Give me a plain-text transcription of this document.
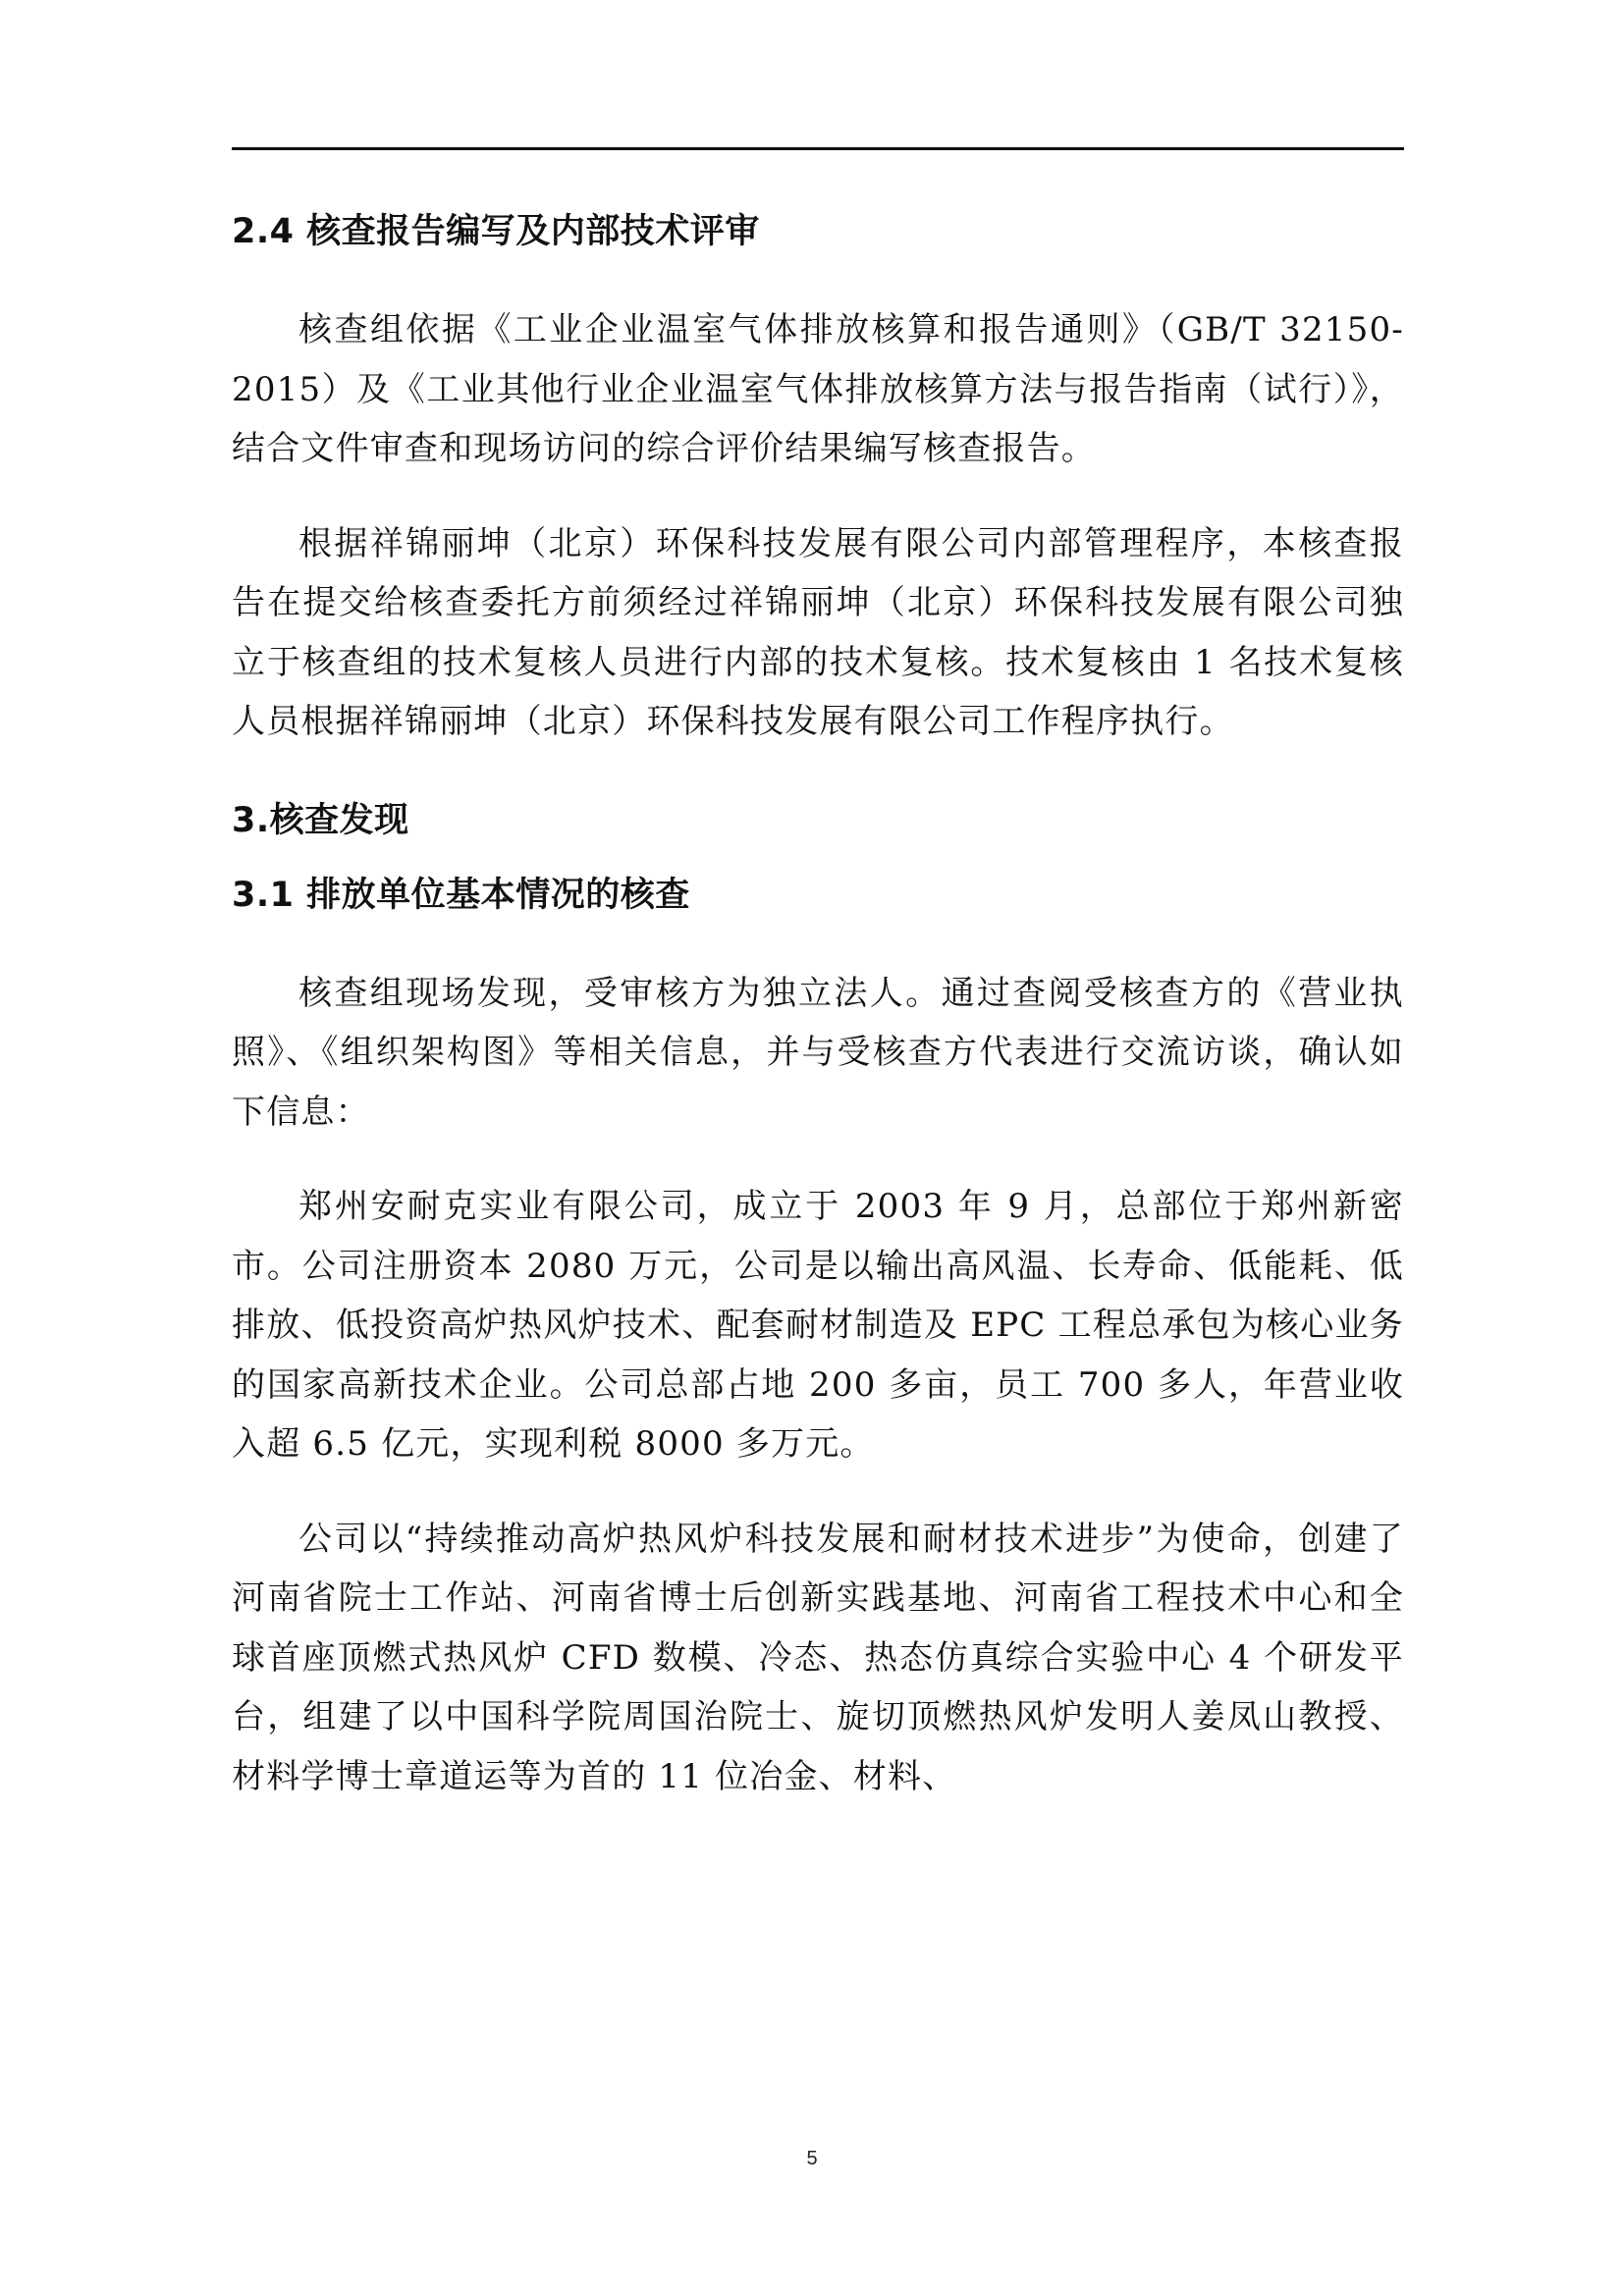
2.4 核查报告编写及内部技术评审

核查组依据《工业企业温室气体排放核算和报告通则》（GB/T 32150-2015）及《工业其他行业企业温室气体排放核算方法与报告指南（试行）》，结合文件审查和现场访问的综合评价结果编写核查报告。

根据祥锦丽坤（北京）环保科技发展有限公司内部管理程序，本核查报告在提交给核查委托方前须经过祥锦丽坤（北京）环保科技发展有限公司独立于核查组的技术复核人员进行内部的技术复核。技术复核由 1 名技术复核人员根据祥锦丽坤（北京）环保科技发展有限公司工作程序执行。

3.核查发现
3.1 排放单位基本情况的核查

核查组现场发现，受审核方为独立法人。通过查阅受核查方的《营业执照》、《组织架构图》等相关信息，并与受核查方代表进行交流访谈，确认如下信息：

郑州安耐克实业有限公司，成立于 2003 年 9 月，总部位于郑州新密市。公司注册资本 2080 万元，公司是以输出高风温、长寿命、低能耗、低排放、低投资高炉热风炉技术、配套耐材制造及 EPC 工程总承包为核心业务的国家高新技术企业。公司总部占地 200 多亩，员工 700 多人，年营业收入超 6.5 亿元，实现利税 8000 多万元。

公司以“持续推动高炉热风炉科技发展和耐材技术进步”为使命，创建了河南省院士工作站、河南省博士后创新实践基地、河南省工程技术中心和全球首座顶燃式热风炉 CFD 数模、冷态、热态仿真综合实验中心 4 个研发平台，组建了以中国科学院周国治院士、旋切顶燃热风炉发明人姜凤山教授、材料学博士章道运等为首的 11 位冶金、材料、

5
